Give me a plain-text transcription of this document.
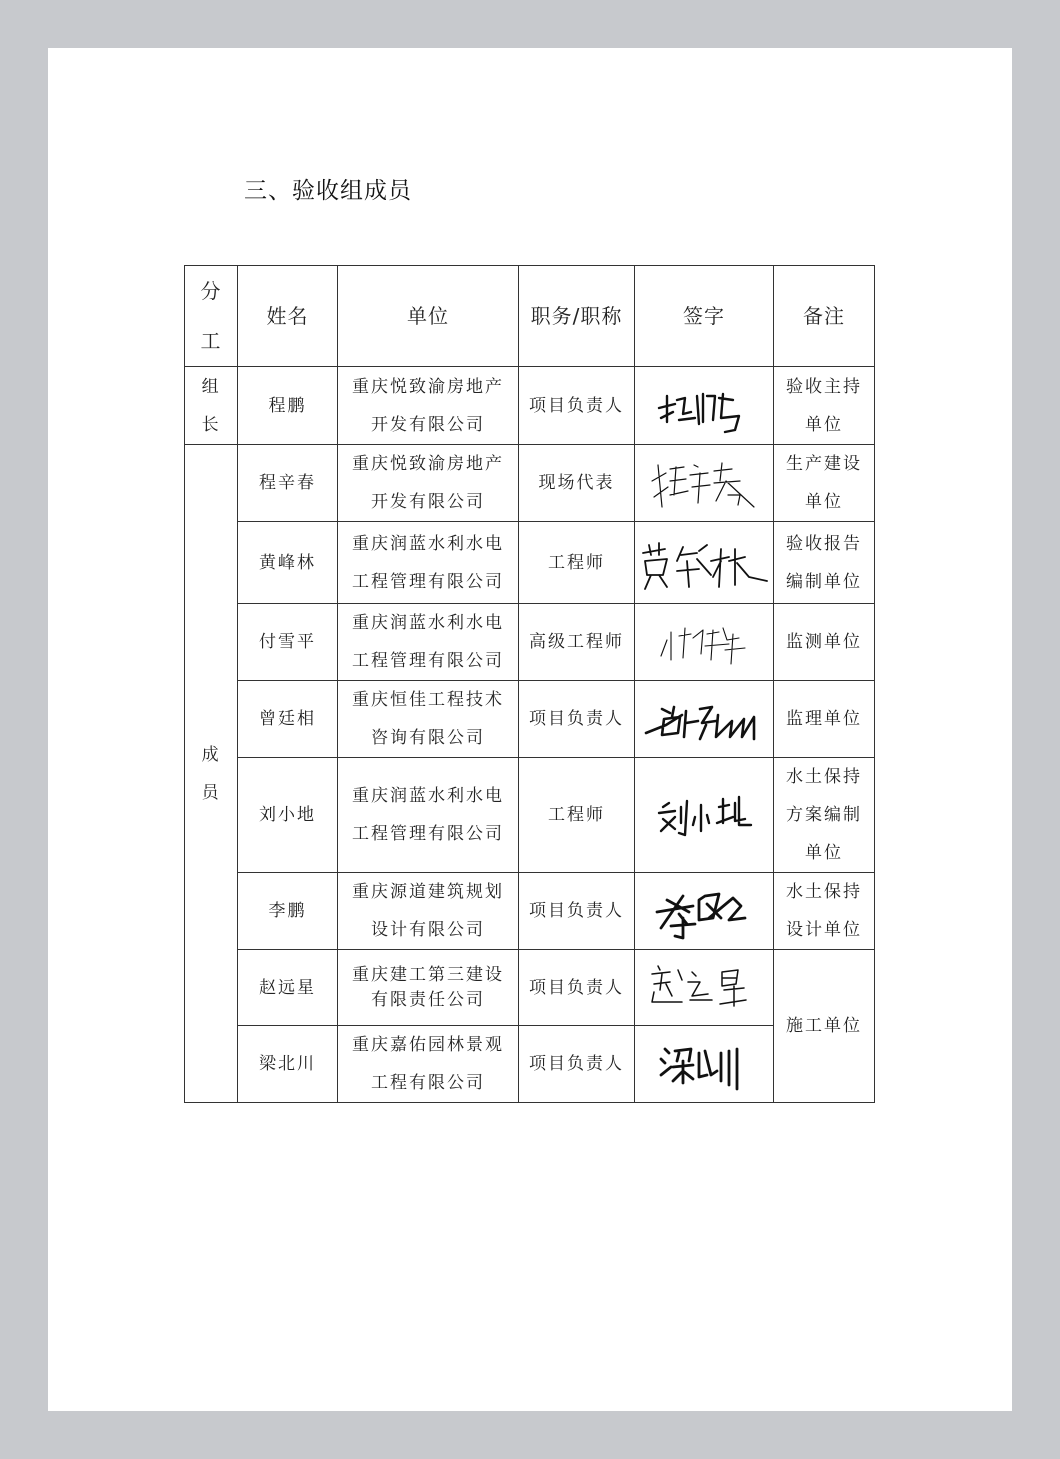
三、验收组成员
分工	姓名	单位	职务/职称	签字	备注
组长	程鹏	重庆悦致渝房地产开发有限公司	项目负责人		验收主持单位
成员	程辛春	重庆悦致渝房地产开发有限公司	现场代表		生产建设单位
	黄峰林	重庆润蓝水利水电工程管理有限公司	工程师		验收报告编制单位
	付雪平	重庆润蓝水利水电工程管理有限公司	高级工程师		监测单位
	曾廷相	重庆恒佳工程技术咨询有限公司	项目负责人		监理单位
	刘小地	重庆润蓝水利水电工程管理有限公司	工程师		水土保持方案编制单位
	李鹏	重庆源道建筑规划设计有限公司	项目负责人		水土保持设计单位
	赵远星	重庆建工第三建设有限责任公司	项目负责人		施工单位
	梁北川	重庆嘉佑园林景观工程有限公司	项目负责人	
